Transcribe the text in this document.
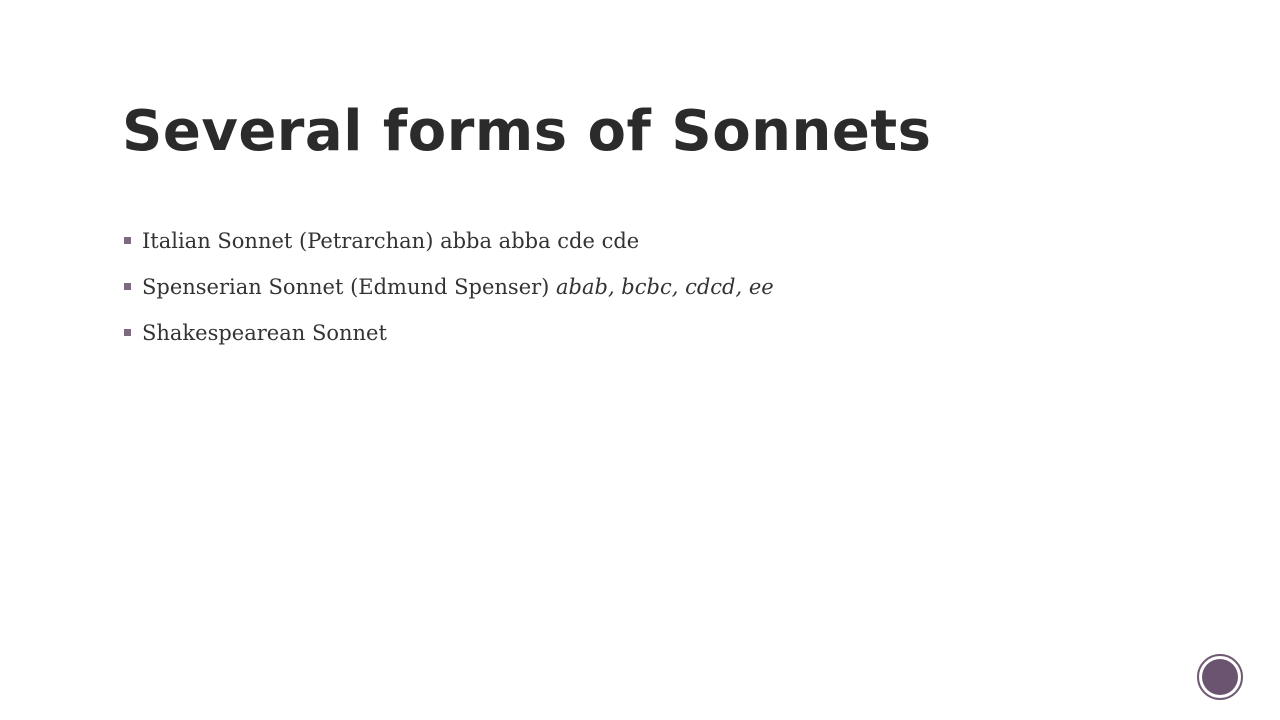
Several forms of Sonnets
Italian Sonnet (Petrarchan) abba abba cde cde
Spenserian Sonnet (Edmund Spenser) abab, bcbc, cdcd, ee
Shakespearean Sonnet
